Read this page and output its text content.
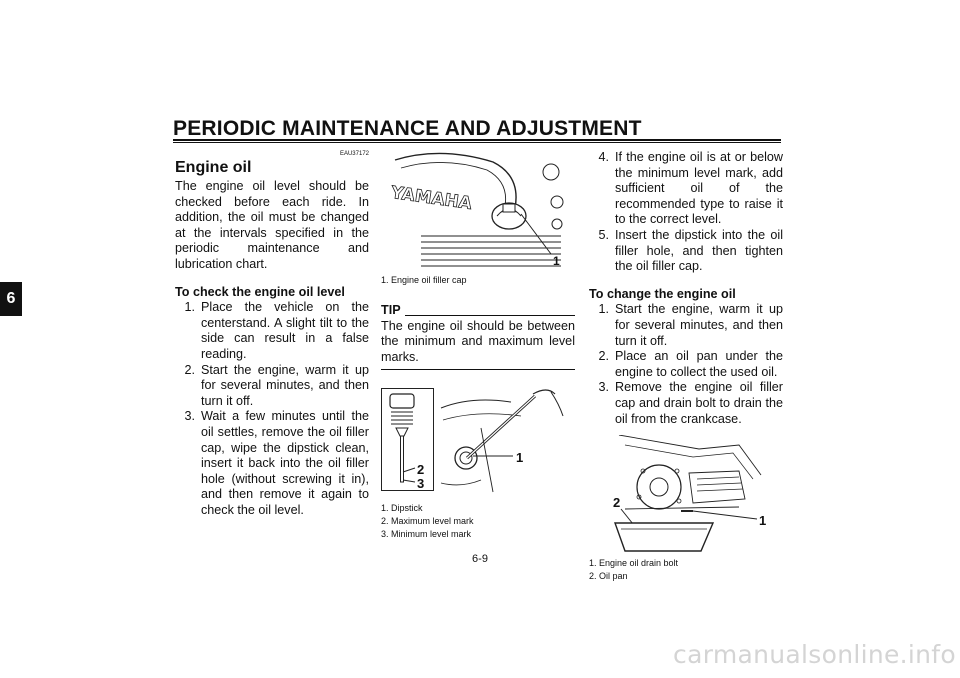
PERIODIC MAINTENANCE AND ADJUSTMENT
6
EAU37172
Engine oil
The engine oil level should be checked before each ride. In addition, the oil must be changed at the intervals specified in the periodic maintenance and lubrication chart.
To check the engine oil level
1. Place the vehicle on the centerstand. A slight tilt to the side can result in a false reading.
2. Start the engine, warm it up for several minutes, and then turn it off.
3. Wait a few minutes until the oil settles, remove the oil filler cap, wipe the dipstick clean, insert it back into the oil filler hole (without screwing it in), and then remove it again to check the oil level.
YAMAHA
1
1. Engine oil filler cap
TIP
The engine oil should be between the minimum and maximum level marks.
2
3
1
1. Dipstick
2. Maximum level mark
3. Minimum level mark
4. If the engine oil is at or below the minimum level mark, add sufficient oil of the recommended type to raise it to the correct level.
5. Insert the dipstick into the oil filler hole, and then tighten the oil filler cap.
To change the engine oil
1. Start the engine, warm it up for several minutes, and then turn it off.
2. Place an oil pan under the engine to collect the used oil.
3. Remove the engine oil filler cap and drain bolt to drain the oil from the crankcase.
1
2
1. Engine oil drain bolt
2. Oil pan
6-9
carmanualsonline.info
